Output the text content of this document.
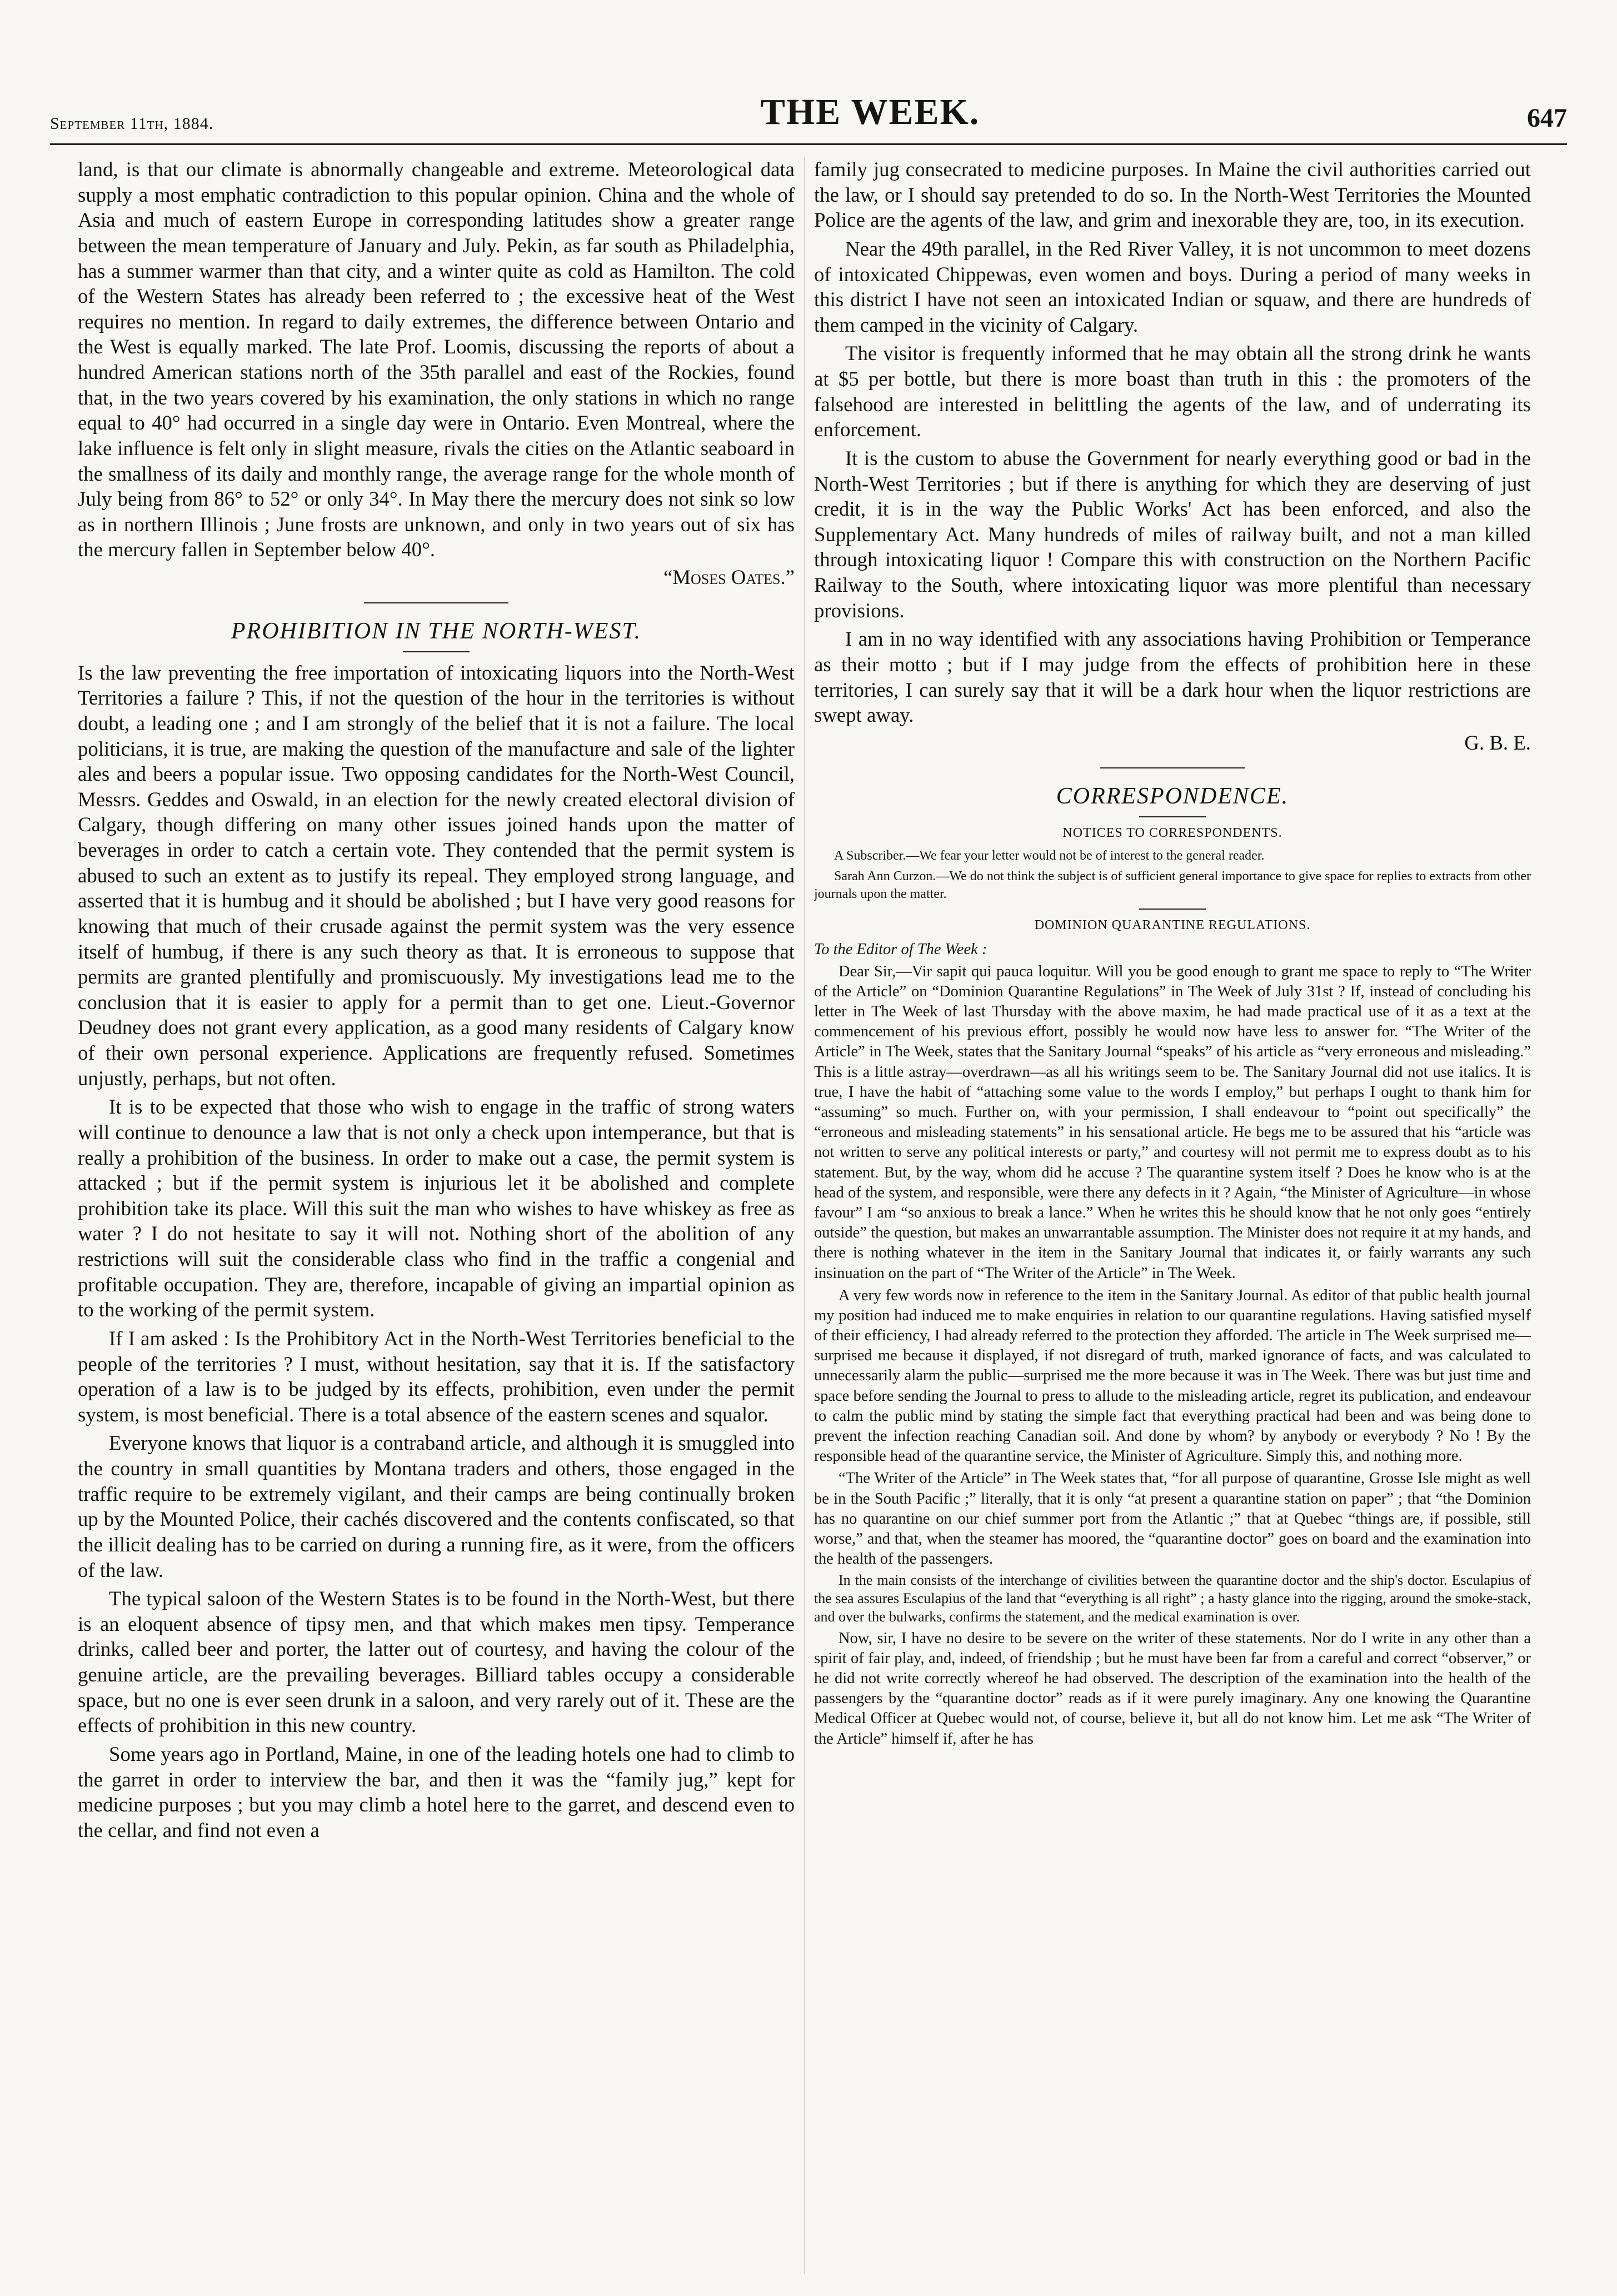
September 11th, 1884.	THE WEEK.	647

land, is that our climate is abnormally changeable and extreme. Meteorological data supply a most emphatic contradiction to this popular opinion. China and the whole of Asia and much of eastern Europe in corresponding latitudes show a greater range between the mean temperature of January and July. Pekin, as far south as Philadelphia, has a summer warmer than that city, and a winter quite as cold as Hamilton. The cold of the Western States has already been referred to ; the excessive heat of the West requires no mention. In regard to daily extremes, the difference between Ontario and the West is equally marked. The late Prof. Loomis, discussing the reports of about a hundred American stations north of the 35th parallel and east of the Rockies, found that, in the two years covered by his examination, the only stations in which no range equal to 40° had occurred in a single day were in Ontario. Even Montreal, where the lake influence is felt only in slight measure, rivals the cities on the Atlantic seaboard in the smallness of its daily and monthly range, the average range for the whole month of July being from 86° to 52° or only 34°. In May there the mercury does not sink so low as in northern Illinois ; June frosts are unknown, and only in two years out of six has the mercury fallen in September below 40°.

“Moses Oates.”
PROHIBITION IN THE NORTH-WEST.

Is the law preventing the free importation of intoxicating liquors into the North-West Territories a failure ? This, if not the question of the hour in the territories is without doubt, a leading one ; and I am strongly of the belief that it is not a failure. The local politicians, it is true, are making the question of the manufacture and sale of the lighter ales and beers a popular issue. Two opposing candidates for the North-West Council, Messrs. Geddes and Oswald, in an election for the newly created electoral division of Calgary, though differing on many other issues joined hands upon the matter of beverages in order to catch a certain vote. They contended that the permit system is abused to such an extent as to justify its repeal. They employed strong language, and asserted that it is humbug and it should be abolished ; but I have very good reasons for knowing that much of their crusade against the permit system was the very essence itself of humbug, if there is any such theory as that. It is erroneous to suppose that permits are granted plentifully and promiscuously. My investigations lead me to the conclusion that it is easier to apply for a permit than to get one. Lieut.-Governor Deudney does not grant every application, as a good many residents of Calgary know of their own personal experience. Applications are frequently refused. Sometimes unjustly, perhaps, but not often.

It is to be expected that those who wish to engage in the traffic of strong waters will continue to denounce a law that is not only a check upon intemperance, but that is really a prohibition of the business. In order to make out a case, the permit system is attacked ; but if the permit system is injurious let it be abolished and complete prohibition take its place. Will this suit the man who wishes to have whiskey as free as water ? I do not hesitate to say it will not. Nothing short of the abolition of any restrictions will suit the considerable class who find in the traffic a congenial and profitable occupation. They are, therefore, incapable of giving an impartial opinion as to the working of the permit system.

If I am asked : Is the Prohibitory Act in the North-West Territories beneficial to the people of the territories ? I must, without hesitation, say that it is. If the satisfactory operation of a law is to be judged by its effects, prohibition, even under the permit system, is most beneficial. There is a total absence of the eastern scenes and squalor.

Everyone knows that liquor is a contraband article, and although it is smuggled into the country in small quantities by Montana traders and others, those engaged in the traffic require to be extremely vigilant, and their camps are being continually broken up by the Mounted Police, their cachés discovered and the contents confiscated, so that the illicit dealing has to be carried on during a running fire, as it were, from the officers of the law.

The typical saloon of the Western States is to be found in the North-West, but there is an eloquent absence of tipsy men, and that which makes men tipsy. Temperance drinks, called beer and porter, the latter out of courtesy, and having the colour of the genuine article, are the prevailing beverages. Billiard tables occupy a considerable space, but no one is ever seen drunk in a saloon, and very rarely out of it. These are the effects of prohibition in this new country.

Some years ago in Portland, Maine, in one of the leading hotels one had to climb to the garret in order to interview the bar, and then it was the “family jug,” kept for medicine purposes ; but you may climb a hotel here to the garret, and descend even to the cellar, and find not even a

family jug consecrated to medicine purposes. In Maine the civil authorities carried out the law, or I should say pretended to do so. In the North-West Territories the Mounted Police are the agents of the law, and grim and inexorable they are, too, in its execution.

Near the 49th parallel, in the Red River Valley, it is not uncommon to meet dozens of intoxicated Chippewas, even women and boys. During a period of many weeks in this district I have not seen an intoxicated Indian or squaw, and there are hundreds of them camped in the vicinity of Calgary.

The visitor is frequently informed that he may obtain all the strong drink he wants at $5 per bottle, but there is more boast than truth in this : the promoters of the falsehood are interested in belittling the agents of the law, and of underrating its enforcement.

It is the custom to abuse the Government for nearly everything good or bad in the North-West Territories ; but if there is anything for which they are deserving of just credit, it is in the way the Public Works' Act has been enforced, and also the Supplementary Act. Many hundreds of miles of railway built, and not a man killed through intoxicating liquor ! Compare this with construction on the Northern Pacific Railway to the South, where intoxicating liquor was more plentiful than necessary provisions.

I am in no way identified with any associations having Prohibition or Temperance as their motto ; but if I may judge from the effects of prohibition here in these territories, I can surely say that it will be a dark hour when the liquor restrictions are swept away.

G. B. E.
CORRESPONDENCE.
NOTICES TO CORRESPONDENTS.

A Subscriber.—We fear your letter would not be of interest to the general reader.

Sarah Ann Curzon.—We do not think the subject is of sufficient general importance to give space for replies to extracts from other journals upon the matter.

DOMINION QUARANTINE REGULATIONS.

To the Editor of The Week :

Dear Sir,—Vir sapit qui pauca loquitur. Will you be good enough to grant me space to reply to “The Writer of the Article” on “Dominion Quarantine Regulations” in The Week of July 31st ? If, instead of concluding his letter in The Week of last Thursday with the above maxim, he had made practical use of it as a text at the commencement of his previous effort, possibly he would now have less to answer for. “The Writer of the Article” in The Week, states that the Sanitary Journal “speaks” of his article as “very erroneous and misleading.” This is a little astray—overdrawn—as all his writings seem to be. The Sanitary Journal did not use italics. It is true, I have the habit of “attaching some value to the words I employ,” but perhaps I ought to thank him for “assuming” so much. Further on, with your permission, I shall endeavour to “point out specifically” the “erroneous and misleading statements” in his sensational article. He begs me to be assured that his “article was not written to serve any political interests or party,” and courtesy will not permit me to express doubt as to his statement. But, by the way, whom did he accuse ? The quarantine system itself ? Does he know who is at the head of the system, and responsible, were there any defects in it ? Again, “the Minister of Agriculture—in whose favour” I am “so anxious to break a lance.” When he writes this he should know that he not only goes “entirely outside” the question, but makes an unwarrantable assumption. The Minister does not require it at my hands, and there is nothing whatever in the item in the Sanitary Journal that indicates it, or fairly warrants any such insinuation on the part of “The Writer of the Article” in The Week.

A very few words now in reference to the item in the Sanitary Journal. As editor of that public health journal my position had induced me to make enquiries in relation to our quarantine regulations. Having satisfied myself of their efficiency, I had already referred to the protection they afforded. The article in The Week surprised me—surprised me because it displayed, if not disregard of truth, marked ignorance of facts, and was calculated to unnecessarily alarm the public—surprised me the more because it was in The Week. There was but just time and space before sending the Journal to press to allude to the misleading article, regret its publication, and endeavour to calm the public mind by stating the simple fact that everything practical had been and was being done to prevent the infection reaching Canadian soil. And done by whom? by anybody or everybody ? No ! By the responsible head of the quarantine service, the Minister of Agriculture. Simply this, and nothing more.

“The Writer of the Article” in The Week states that, “for all purpose of quarantine, Grosse Isle might as well be in the South Pacific ;” literally, that it is only “at present a quarantine station on paper” ; that “the Dominion has no quarantine on our chief summer port from the Atlantic ;” that at Quebec “things are, if possible, still worse,” and that, when the steamer has moored, the “quarantine doctor” goes on board and the examination into the health of the passengers.

In the main consists of the interchange of civilities between the quarantine doctor and the ship's doctor. Esculapius of the sea assures Esculapius of the land that “everything is all right” ; a hasty glance into the rigging, around the smoke-stack, and over the bulwarks, confirms the statement, and the medical examination is over.

Now, sir, I have no desire to be severe on the writer of these statements. Nor do I write in any other than a spirit of fair play, and, indeed, of friendship ; but he must have been far from a careful and correct “observer,” or he did not write correctly whereof he had observed. The description of the examination into the health of the passengers by the “quarantine doctor” reads as if it were purely imaginary. Any one knowing the Quarantine Medical Officer at Quebec would not, of course, believe it, but all do not know him. Let me ask “The Writer of the Article” himself if, after he has
